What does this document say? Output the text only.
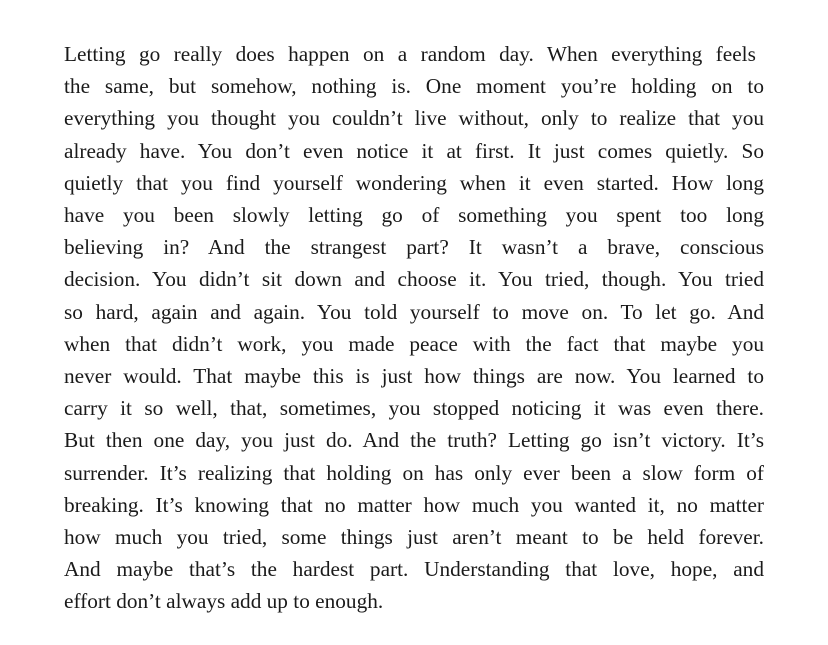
Letting go really does happen on a random day. When everything feels
the same, but somehow, nothing is. One moment you’re holding on to
everything you thought you couldn’t live without, only to realize that you
already have. You don’t even notice it at first. It just comes quietly. So
quietly that you find yourself wondering when it even started. How long
have you been slowly letting go of something you spent too long
believing in? And the strangest part? It wasn’t a brave, conscious
decision. You didn’t sit down and choose it. You tried, though. You tried
so hard, again and again. You told yourself to move on. To let go. And
when that didn’t work, you made peace with the fact that maybe you
never would. That maybe this is just how things are now. You learned to
carry it so well, that, sometimes, you stopped noticing it was even there.
But then one day, you just do. And the truth? Letting go isn’t victory. It’s
surrender. It’s realizing that holding on has only ever been a slow form of
breaking. It’s knowing that no matter how much you wanted it, no matter
how much you tried, some things just aren’t meant to be held forever.
And maybe that’s the hardest part. Understanding that love, hope, and
effort don’t always add up to enough.
